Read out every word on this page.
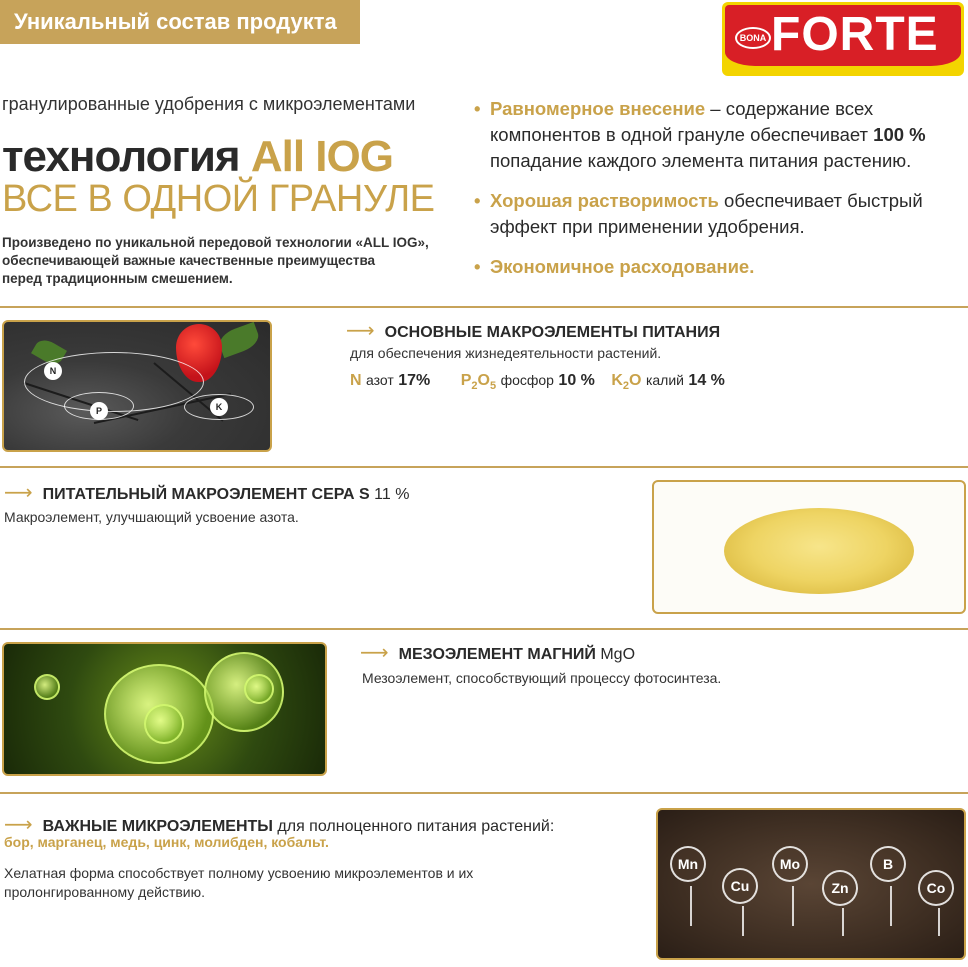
Уникальный состав продукта
BONA FORTE
гранулированные удобрения с микроэлементами
технология All IOG
ВСЕ В ОДНОЙ ГРАНУЛЕ
Произведено по уникальной передовой технологии «ALL IOG»,
обеспечивающей важные качественные преимущества
перед традиционным смешением.
• Равномерное внесение – содержание всех компонентов в одной грануле обеспечивает 100 % попадание каждого элемента питания растению.
• Хорошая растворимость обеспечивает быстрый эффект при применении удобрения.
• Экономичное расходование.
N
P	K
⟶ ОСНОВНЫЕ МАКРОЭЛЕМЕНТЫ ПИТАНИЯ
для обеспечения жизнедеятельности растений.
N азот 17% $P_2O_5$ фосфор 10 % $K_2O$ калий 14 %
⟶ ПИТАТЕЛЬНЫЙ МАКРОЭЛЕМЕНТ СЕРА S 11 %
Макроэлемент, улучшающий усвоение азота.
⟶ МЕЗОЭЛЕМЕНТ МАГНИЙ MgO
Мезоэлемент, способствующий процессу фотосинтеза.
⟶ ВАЖНЫЕ МИКРОЭЛЕМЕНТЫ для полноценного питания растений:
бор, марганец, медь, цинк, молибден, кобальт.
Хелатная форма способствует полному усвоению микроэлементов и их
пролонгированному действию.
Mn
Cu
Mo
Zn
B
Co
